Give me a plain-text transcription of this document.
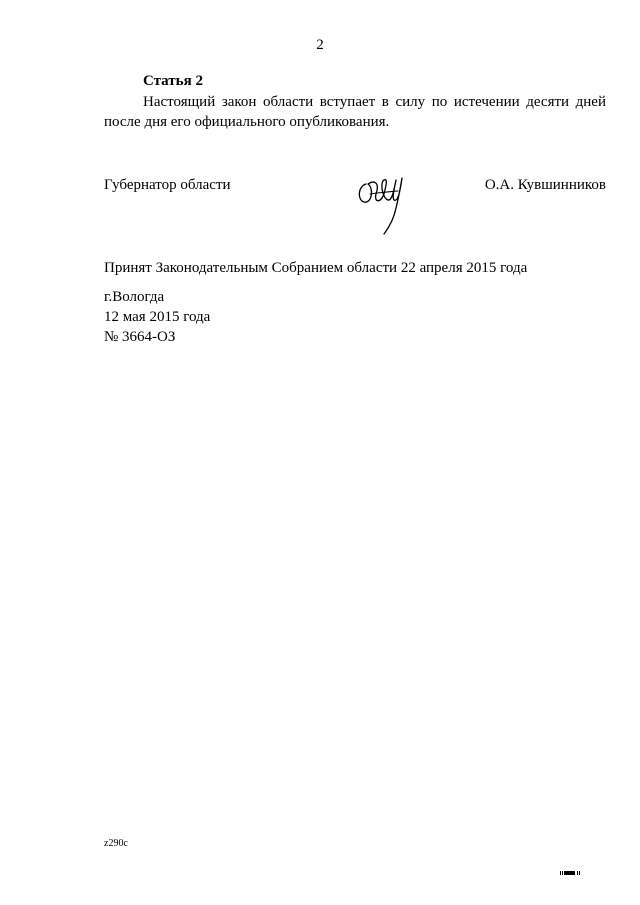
2
Статья 2

Настоящий закон области вступает в силу по истечении десяти дней после дня его официального опубликования.

Губернатор области	О.А. Кувшинников
Принят Законодательным Собранием области 22 апреля 2015 года
г.Вологда
12 мая 2015 года
№ 3664-ОЗ
z290c
